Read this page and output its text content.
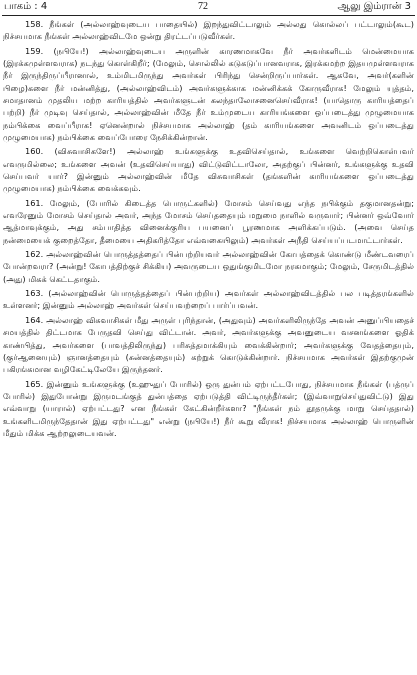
பாகம் : 4	72	ஆலு இம்ரான் 3

158. நீங்கள் (அல்லாஹ்வுடைய பாதையில்) இறந்துவிட்டாலும் அல்லது கொல்லப் பட்டாலும்(கூட) நிச்சயமாக நீங்கள் அல்லாஹ்விடமே ஒன்று திரட்டப்படுவீர்கள்.

159. (நபியே!) அல்லாஹ்வுடைய அருளின் காரணமாகவே நீர் அவர்களிடம் மென்மையாக (இரக்கமுள்ளவராக) நடந்து கொள்கிறீர்; (மேலும், சொல்லில் கடுகடுப்பானவராக, இரக்கமற்ற இதயமுள்ளவராக நீர் இருந்திருப்பீரானால், உம்மிடமிருந்து அவர்கள் பிரிந்து சென்றிருப்பார்கள். ஆகவே, அவர்(களின் பிழை)களை நீர் மன்னித்து, (அல்லாஹ்விடம்) அவர்களுக்காக மன்னிக்கக் கோருவீராக! மேலும் யுத்தம், சமாதானம் முதலிய மற்ற காரியத்தில் அவர்களுடன் கலந்தாலோசனைசெய்வீராக! (யாதொரு காரியத்தைப் பற்றி) நீர் முடிவு செய்தால், அல்லாஹ்வின் மீதே நீர் உம்முடைய காரியங்களை ஒப்படைத்து முழுமையாக நம்பிக்கை வைப்பீராக! ஏனென்றால் நிச்சயமாக அல்லாஹ் (தம் காரியங்களை அவனிடம் ஒப்படைத்து முழுமையாக) நம்பிக்கை வைப்போரை நேசிக்கின்றான்.

160. (விசுவாசிகளே!) அல்லாஹ் உங்களுக்கு உதவிசெய்தால், உங்களை வெற்றிகொள்பவர் எவருமில்லை; உங்களை அவன் (உதவிசெய்யாது) விட்டுவிட்டாலோ, அதற்குப் பின்னர், உங்களுக்கு உதவி செய்பவர் யார்? இன்னும் அல்லாஹ்வின் மீதே விசுவாசிகள் (தங்களின் காரியங்களை ஒப்படைத்து முழுமையாக) நம்பிக்கை வைக்கவும்.

161. மேலும், (போரில் கிடைத்த பொருட்களில்) மோசம் செய்வது எந்த நபிக்கும் தகுமானதன்று; எவரேனும் மோசம் செய்தால் அவர், அந்த மோசம் செய்ததையும் மறுமை நாளில் வருவார்; பின்னர் ஒவ்வோர் ஆத்மாவுக்கும், அது சம்பாதித்த வினைக்குரிய பயனைப் பூரணமாக அளிக்கப்படும். (அவை செய்த நன்மையைக் குறைத்தோ, தீமையை அதிகரித்தோ எவ்வகையிலும்) அவர்கள் அநீதி செய்யப்படமாட்டார்கள்.

162. அல்லாஹ்வின் பொருத்தத்தைப் பின்பற்றியவர் அல்லாஹ்வின் கோபத்தைக் கொண்டு மீண்டவரைப் போன்றவரா? (அன்று! கோபத்திற்குச் சிக்கிய) அவருடைய ஒதுங்குமிடமோ நரகமாகும்; மேலும், சேருமிடத்தில் (அது) மிகக் கெட்டதாகும்.

163. (அல்லாஹ்வின் பொருத்தத்தைப் பின்பற்றிய) அவர்கள் அல்லாஹ்விடத்தில் பல படித்தரங்களில் உள்ளனர்; இன்னும் அல்லாஹ் அவர்கள் செய்பவற்றைப் பார்ப்பவன்.

164. அல்லாஹ் விசுவாசிகள் மீது அருள் புரிந்தான், (அதுவும்) அவர்களிலிருந்தே அவன் அனுப்பியதைச் சமயத்தில் திட்டமாக பேருதவி செய்து விட்டான். அவர், அவர்களுக்கு அவனுடைய வசனங்களை ஓதிக் காண்பித்து, அவர்களை (பாவத்திலிருந்து) பரிசுத்தமாக்கியும் வைக்கின்றார்; அவர்களுக்கு வேதத்தையும், (குர்ஆனையும்) ஞானத்தையும் (சுன்னத்தையும்) கற்றுக் கொடுக்கின்றார். நிச்சயமாக அவர்கள் இதற்குமுன் பகிரங்கமான வழிகேட்டிலேயே இருந்தனர்.

165. இன்னும் உங்களுக்கு (உஹுதுப் போரில்) ஒரு துன்பம் ஏற்பட்டபோது, நிச்சயமாக நீங்கள் (பத்ருப் போரில்) இதுபோன்று இருமடங்குத் துன்பத்தை ஏற்படுத்தி விட்டிருந்தீர்கள்; (இவ்வாறுசெய்துவிட்டு) இது எவ்வாறு (யாரால்) ஏற்பட்டது? என நீங்கள் கேட்கின்றீர்களா? "நீங்கள் நம் தூதருக்கு மாறு செய்ததால்) உங்களிடமிருந்தேதான் இது ஏற்பட்டது" என்று (நபியே!) நீர் கூறு வீராக! நிச்சயமாக அல்லாஹ் பொருளின் மீதும் மிக்க ஆற்றலுடையவன்.
